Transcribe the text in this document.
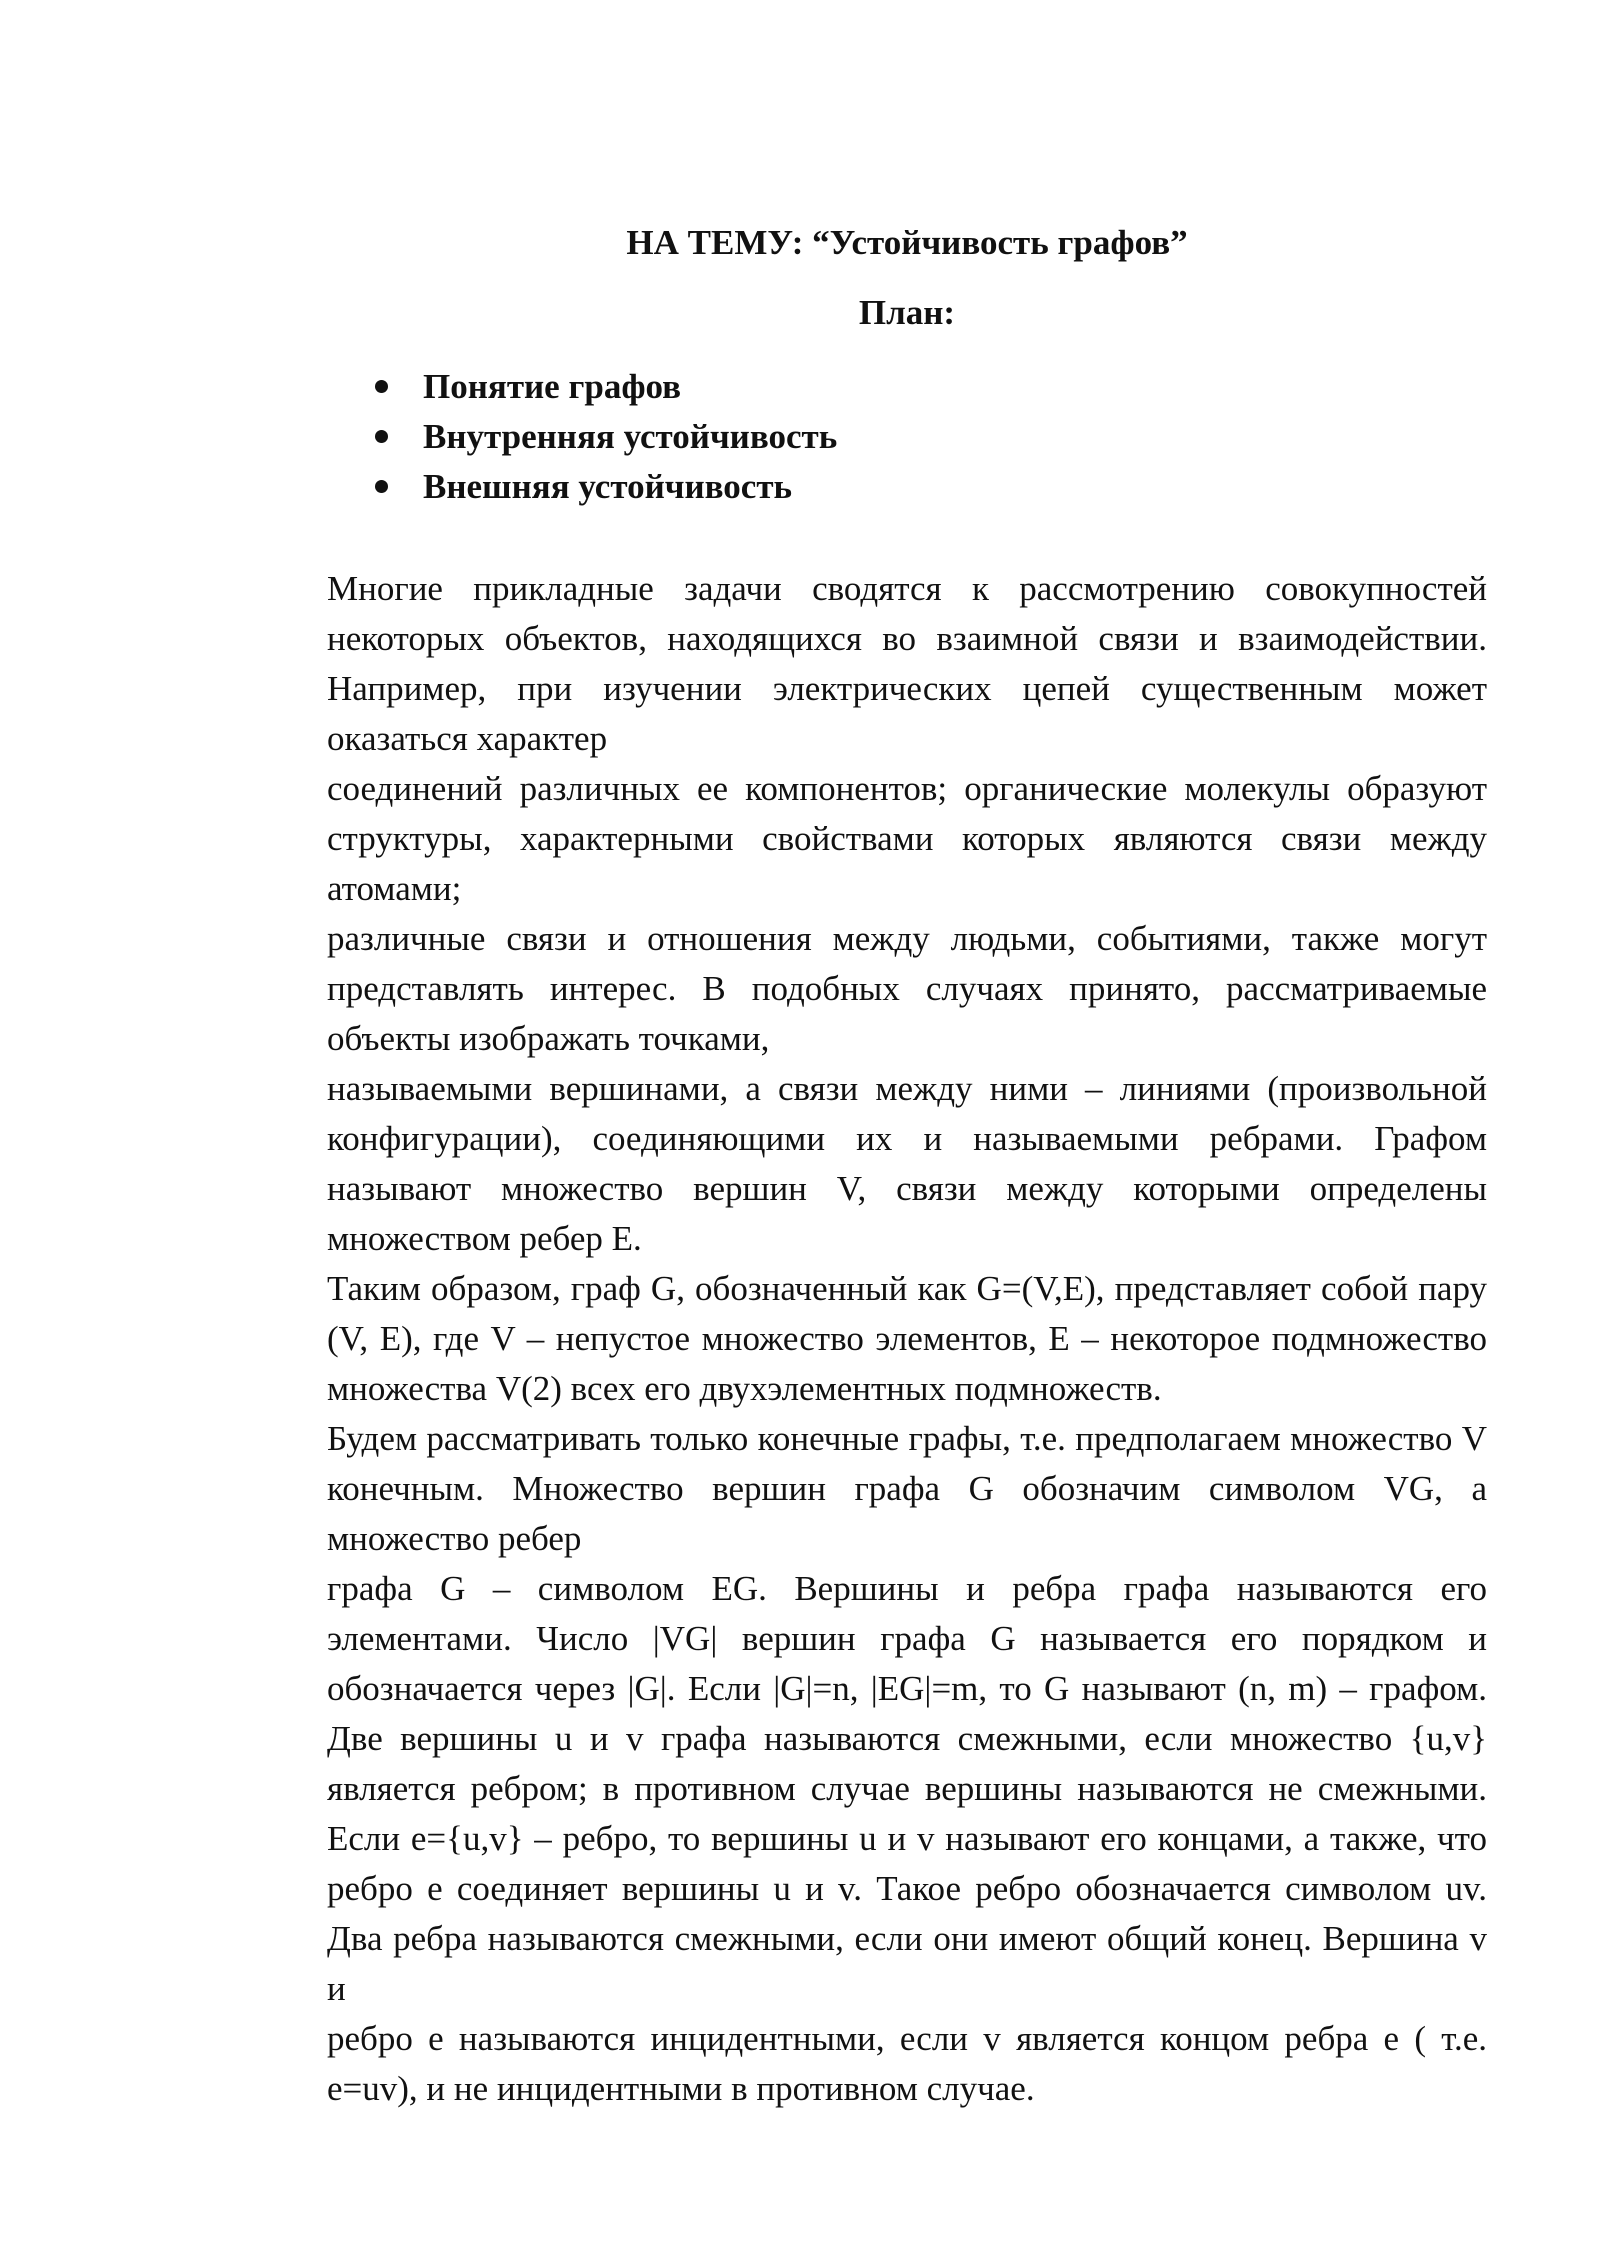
НА ТЕМУ: “Устойчивость графов”
План:
Понятие графов
Внутренняя устойчивость
Внешняя устойчивость

Многие прикладные задачи сводятся к рассмотрению совокупностей некоторых объектов, находящихся во взаимной связи и взаимодействии. Например, при изучении электрических цепей существенным может оказаться характер

соединений различных ее компонентов; органические молекулы образуют структуры, характерными свойствами которых являются связи между атомами;

различные связи и отношения между людьми, событиями, также могут представлять интерес. В подобных случаях принято, рассматриваемые объекты изображать точками,

называемыми вершинами, а связи между ними – линиями (произвольной конфигурации), соединяющими их и называемыми ребрами. Графом называют множество вершин V, связи между которыми определены множеством ребер E.

Таким образом, граф G, обозначенный как G=(V,E), представляет собой пару (V, E), где V – непустое множество элементов, E – некоторое подмножество множества V(2) всех его двухэлементных подмножеств.

Будем рассматривать только конечные графы, т.е. предполагаем множество V конечным. Множество вершин графа G обозначим символом VG, а множество ребер

графа G – символом EG. Вершины и ребра графа называются его элементами. Число |VG| вершин графа G называется его порядком и обозначается через |G|. Если |G|=n, |EG|=m, то G называют (n, m) – графом. Две вершины u и v графа называются смежными, если множество {u,v} является ребром; в противном случае вершины называются не смежными. Если e={u,v} – ребро, то вершины u и v называют его концами, а также, что ребро e соединяет вершины u и v. Такое ребро обозначается символом uv. Два ребра называются смежными, если они имеют общий конец. Вершина v и

ребро e называются инцидентными, если v является концом ребра e ( т.е. e=uv), и не инцидентными в противном случае.
